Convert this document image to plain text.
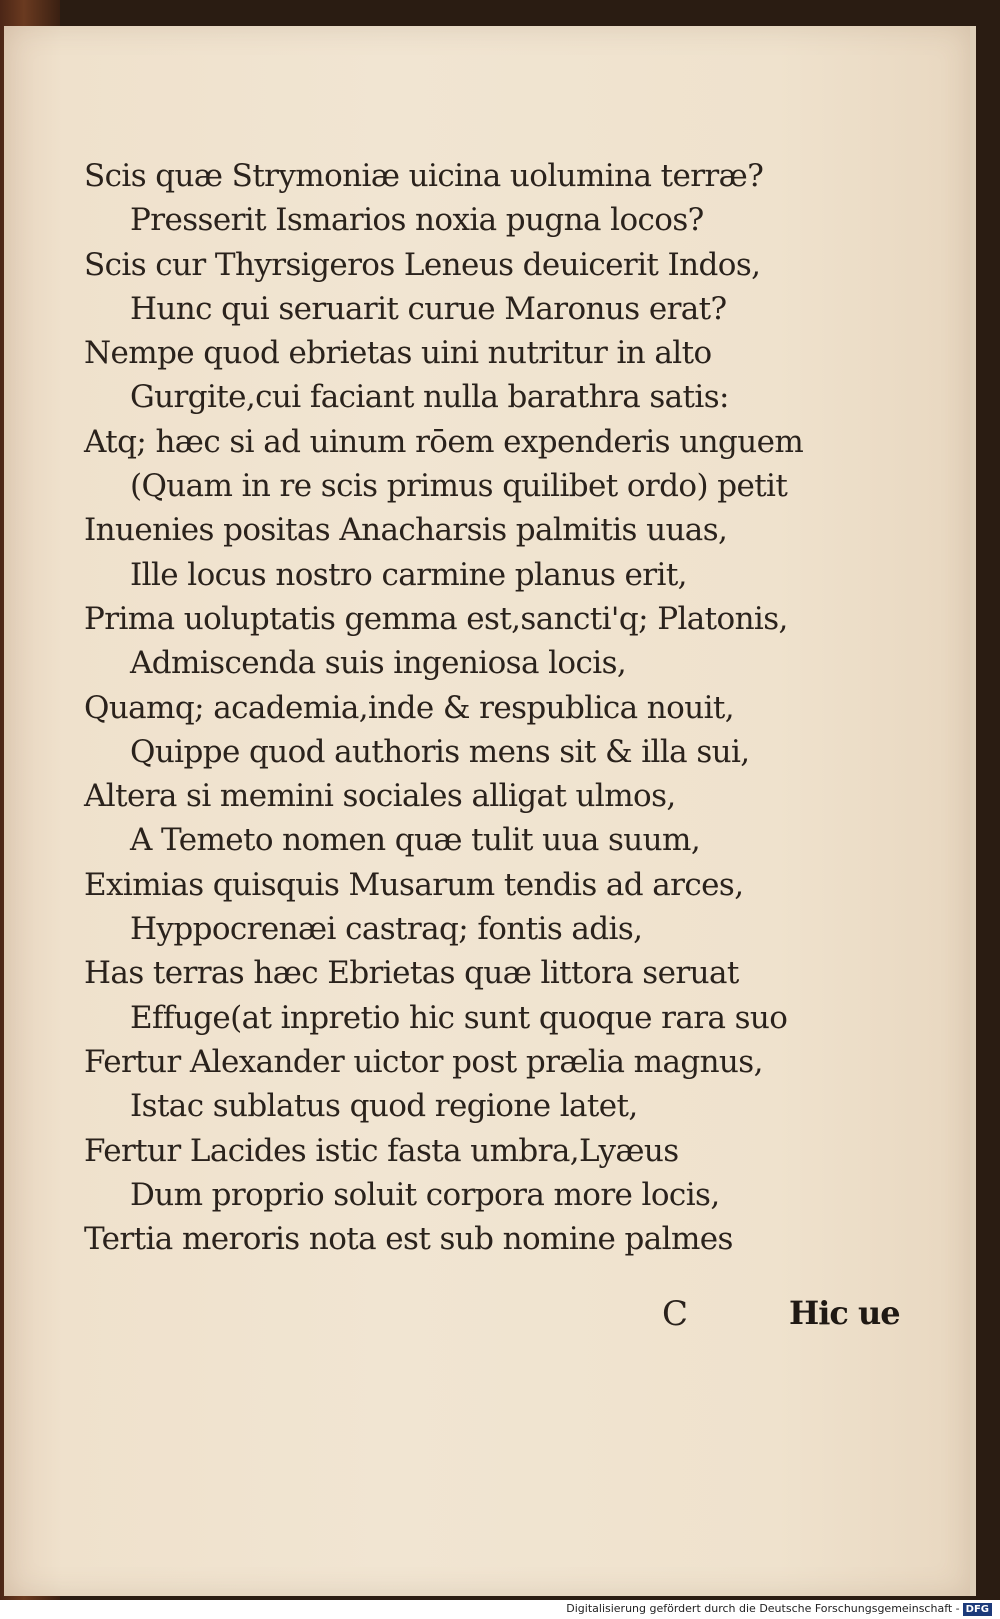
Scis quæ Strymoniæ uicina uolumina terræ?
Presserit Ismarios noxia pugna locos?
Scis cur Thyrsigeros Leneus deuicerit Indos,
Hunc qui seruarit curue Maronus erat?
Nempe quod ebrietas uini nutritur in alto
Gurgite,cui faciant nulla barathra satis:
Atq; hæc si ad uinum rōem expenderis unguem
(Quam in re scis primus quilibet ordo) petit
Inuenies positas Anacharsis palmitis uuas,
Ille locus nostro carmine planus erit,
Prima uoluptatis gemma est,sancti'q; Platonis,
Admiscenda suis ingeniosa locis,
Quamq; academia,inde & respublica nouit,
Quippe quod authoris mens sit & illa sui,
Altera si memini sociales alligat ulmos,
A Temeto nomen quæ tulit uua suum,
Eximias quisquis Musarum tendis ad arces,
Hyppocrenæi castraq; fontis adis,
Has terras hæc Ebrietas quæ littora seruat
Effuge(at inpretio hic sunt quoque rara suo
Fertur Alexander uictor post prælia magnus,
Istac sublatus quod regione latet,
Fertur Lacides istic fasta umbra,Lyæus
Dum proprio soluit corpora more locis,
Tertia meroris nota est sub nomine palmes
C	Hic ue
Digitalisierung gefördert durch die Deutsche Forschungsgemeinschaft - DFG
